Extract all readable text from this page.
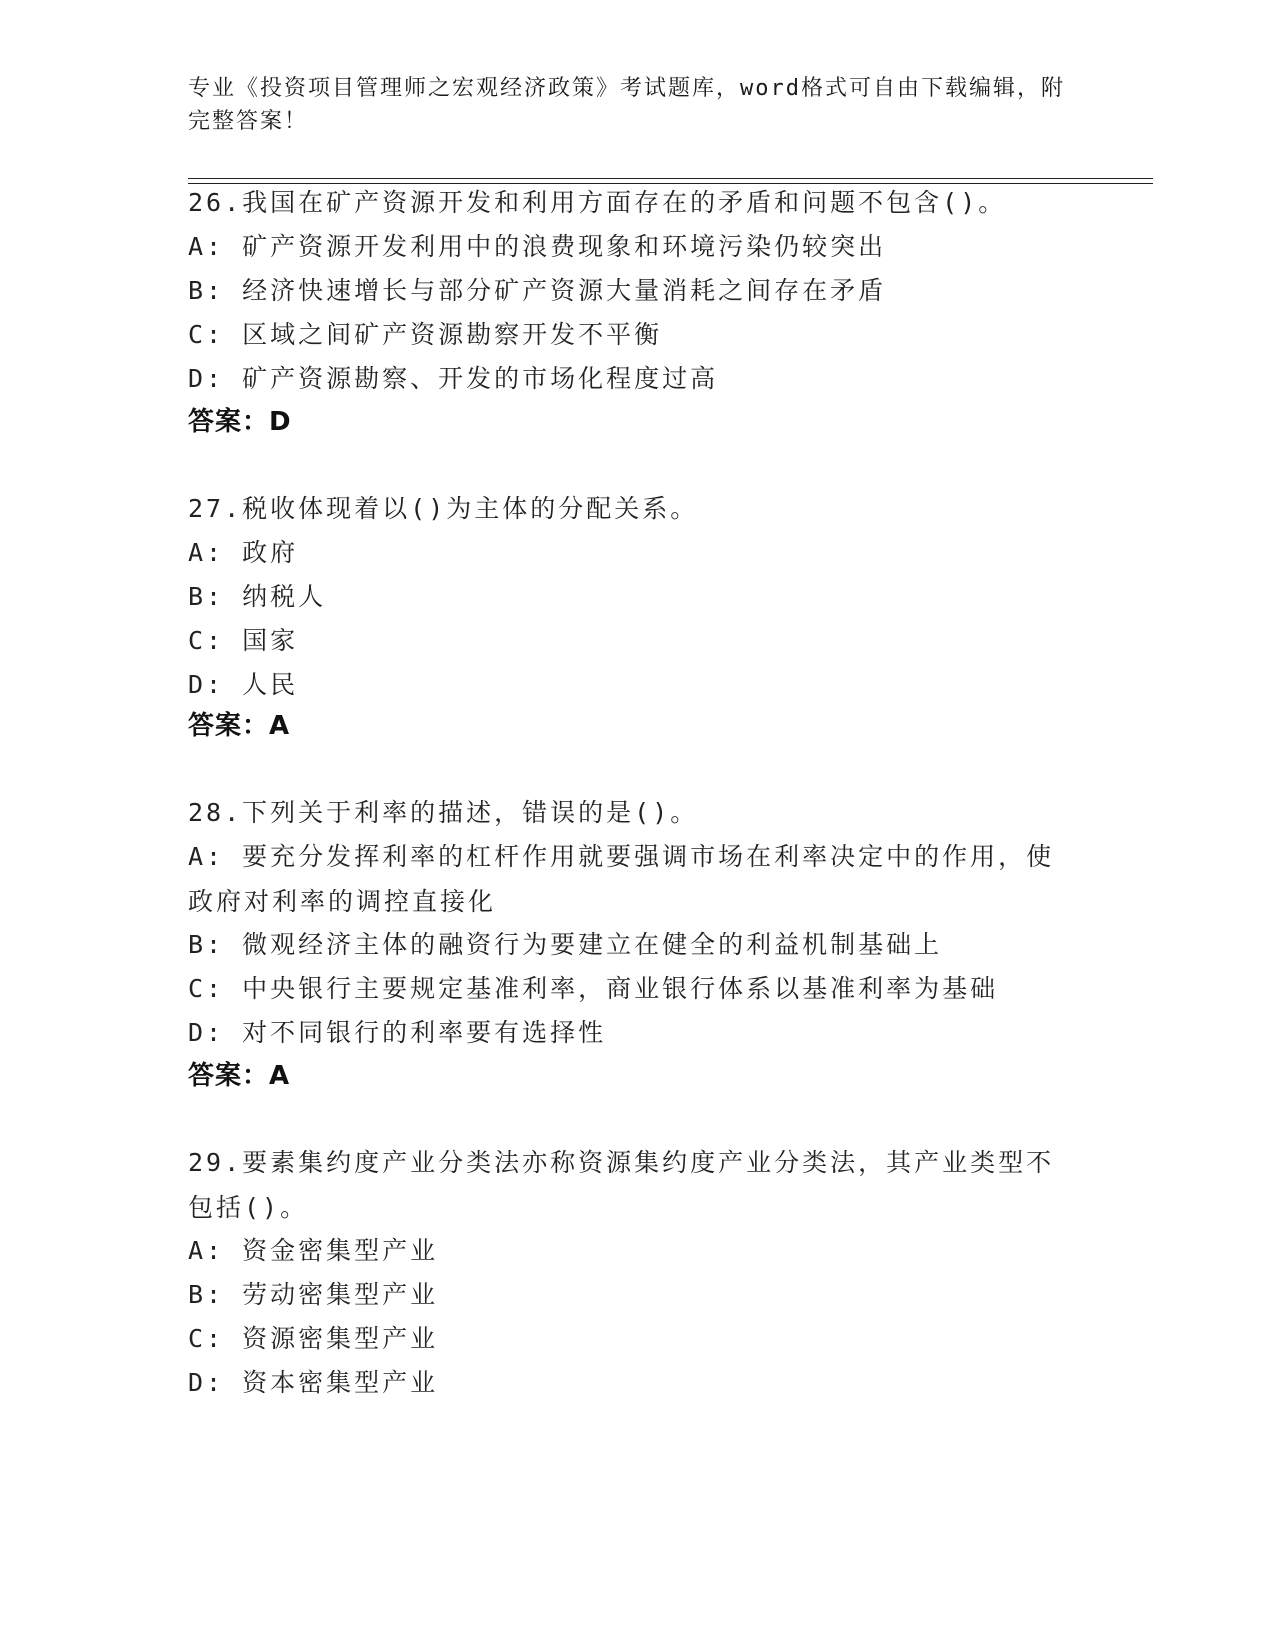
专业《投资项目管理师之宏观经济政策》考试题库，word格式可自由下载编辑，附完整答案！
26.我国在矿产资源开发和利用方面存在的矛盾和问题不包含()。
A: 矿产资源开发利用中的浪费现象和环境污染仍较突出
B: 经济快速增长与部分矿产资源大量消耗之间存在矛盾
C: 区域之间矿产资源勘察开发不平衡
D: 矿产资源勘察、开发的市场化程度过高
答案：D
27.税收体现着以()为主体的分配关系。
A: 政府
B: 纳税人
C: 国家
D: 人民
答案：A
28.下列关于利率的描述，错误的是()。
A: 要充分发挥利率的杠杆作用就要强调市场在利率决定中的作用，使政府对利率的调控直接化
B: 微观经济主体的融资行为要建立在健全的利益机制基础上
C: 中央银行主要规定基准利率，商业银行体系以基准利率为基础
D: 对不同银行的利率要有选择性
答案：A
29.要素集约度产业分类法亦称资源集约度产业分类法，其产业类型不包括()。
A: 资金密集型产业
B: 劳动密集型产业
C: 资源密集型产业
D: 资本密集型产业
